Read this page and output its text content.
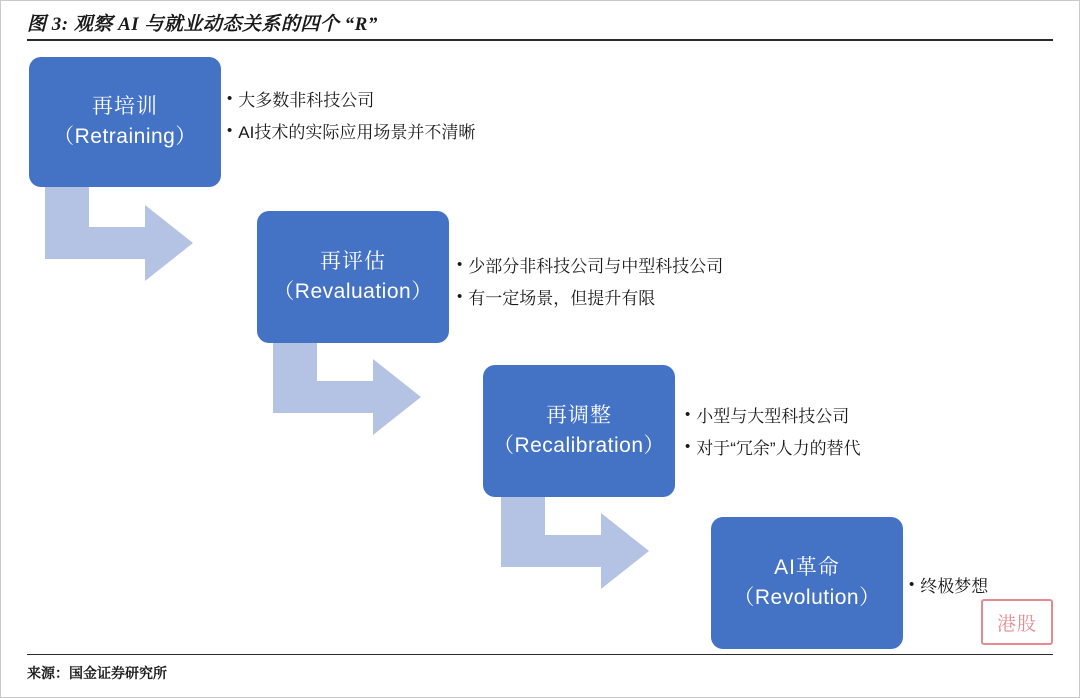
图 3: 观察 AI 与就业动态关系的四个 “R”
再培训
（Retraining）
再评估
（Revaluation）
再调整
（Recalibration）
AI革命
（Revolution）
• 大多数非科技公司
• AI技术的实际应用场景并不清晰
• 少部分非科技公司与中型科技公司
• 有一定场景，但提升有限
• 小型与大型科技公司
• 对于“冗余”人力的替代
• 终极梦想
来源：国金证券研究所
港股
